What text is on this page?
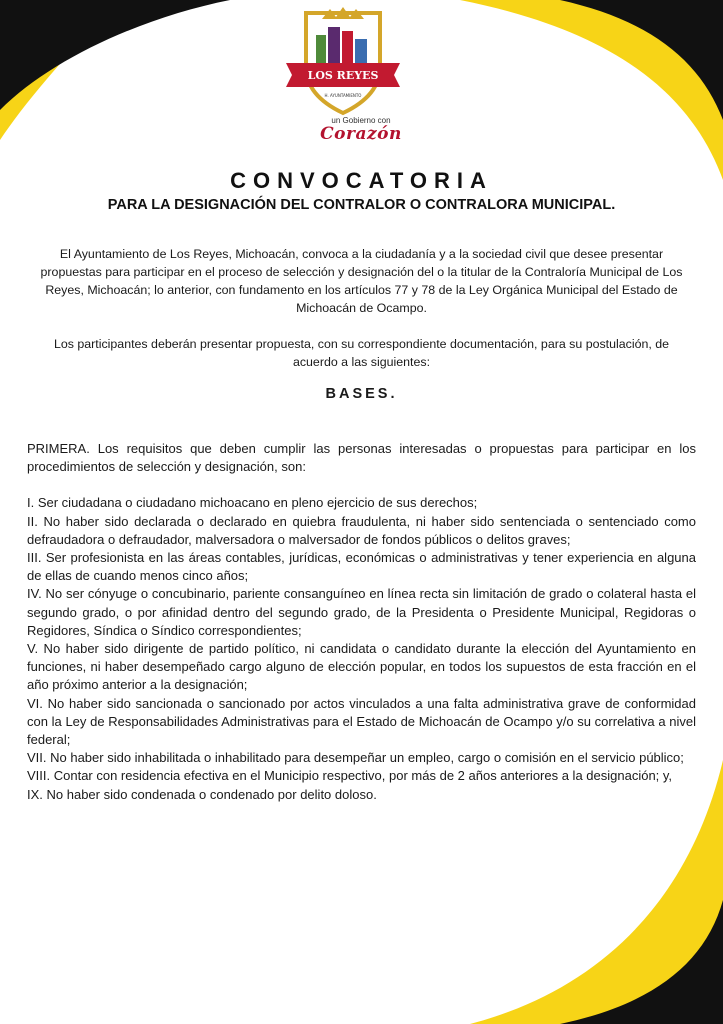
LOS REYES
H. AYUNTAMIENTO
un Gobierno con
Corazón
CONVOCATORIA
PARA LA DESIGNACIÓN DEL CONTRALOR O CONTRALORA MUNICIPAL.

El Ayuntamiento de Los Reyes, Michoacán, convoca a la ciudadanía y a la sociedad civil que desee presentar propuestas para participar en el proceso de selección y designación del o la titular de la Contraloría Municipal de Los Reyes, Michoacán; lo anterior, con fundamento en los artículos 77 y 78 de la Ley Orgánica Municipal del Estado de Michoacán de Ocampo.

Los participantes deberán presentar propuesta, con su correspondiente documentación, para su postulación, de acuerdo a las siguientes:

BASES.

PRIMERA. Los requisitos que deben cumplir las personas interesadas o propuestas para participar en los procedimientos de selección y designación, son:

I. Ser ciudadana o ciudadano michoacano en pleno ejercicio de sus derechos;

II. No haber sido declarada o declarado en quiebra fraudulenta, ni haber sido sentenciada o sentenciado como defraudadora o defraudador, malversadora o malversador de fondos públicos o delitos graves;

III. Ser profesionista en las áreas contables, jurídicas, económicas o administrativas y tener experiencia en alguna de ellas de cuando menos cinco años;

IV. No ser cónyuge o concubinario, pariente consanguíneo en línea recta sin limitación de grado o colateral hasta el segundo grado, o por afinidad dentro del segundo grado, de la Presidenta o Presidente Municipal, Regidoras o Regidores, Síndica o Síndico correspondientes;

V. No haber sido dirigente de partido político, ni candidata o candidato durante la elección del Ayuntamiento en funciones, ni haber desempeñado cargo alguno de elección popular, en todos los supuestos de esta fracción en el año próximo anterior a la designación;

VI. No haber sido sancionada o sancionado por actos vinculados a una falta administrativa grave de conformidad con la Ley de Responsabilidades Administrativas para el Estado de Michoacán de Ocampo y/o su correlativa a nivel federal;

VII. No haber sido inhabilitada o inhabilitado para desempeñar un empleo, cargo o comisión en el servicio público;

VIII. Contar con residencia efectiva en el Municipio respectivo, por más de 2 años anteriores a la designación; y,

IX. No haber sido condenada o condenado por delito doloso.
